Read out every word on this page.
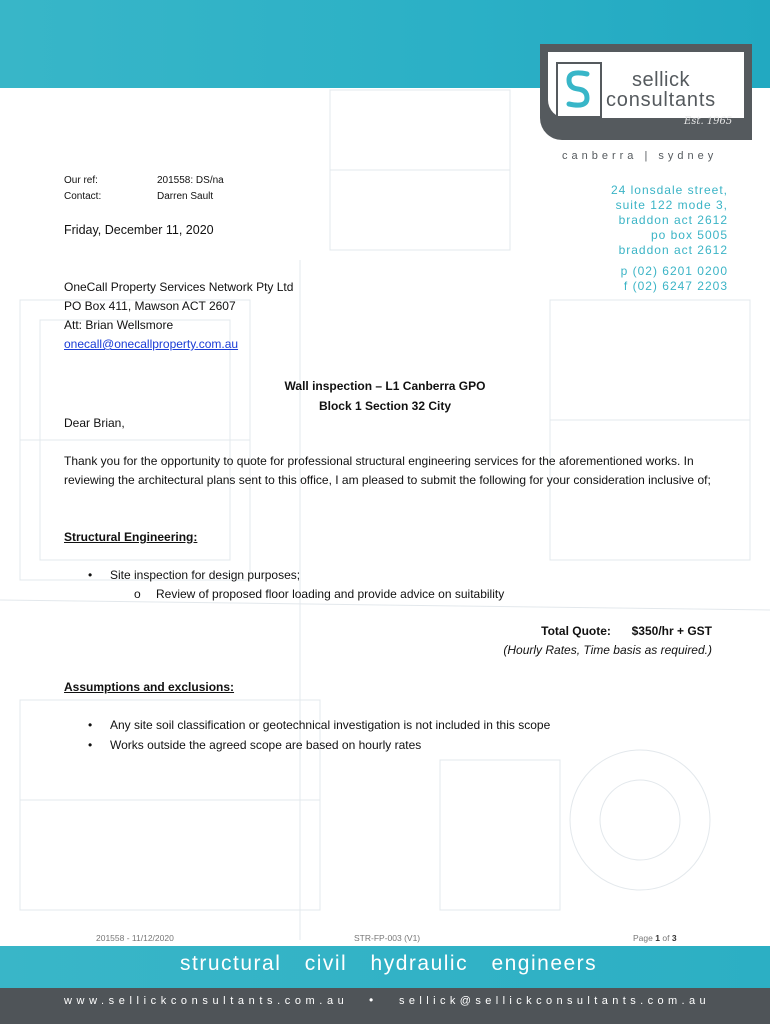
sellick
consultants
Est. 1965
canberra | sydney
24 lonsdale street,
suite 122 mode 3,
braddon act 2612
po box 5005
braddon act 2612
p (02) 6201 0200
f (02) 6247 2203
Our ref:	201558: DS/na
Contact:	Darren Sault
Friday, December 11, 2020
OneCall Property Services Network Pty Ltd
PO Box 411, Mawson ACT 2607
Att: Brian Wellsmore
onecall@onecallproperty.com.au
Wall inspection – L1 Canberra GPO
Block 1 Section 32 City
Dear Brian,
Thank you for the opportunity to quote for professional structural engineering services for the aforementioned works. In reviewing the architectural plans sent to this office, I am pleased to submit the following for your consideration inclusive of;
Structural Engineering:
• Site inspection for design purposes;
o Review of proposed floor loading and provide advice on suitability
Total Quote: $350/hr + GST
(Hourly Rates, Time basis as required.)
Assumptions and exclusions:
• Any site soil classification or geotechnical investigation is not included in this scope
• Works outside the agreed scope are based on hourly rates
201558 - 11/12/2020	STR-FP-003 (V1)	Page 1 of 3
structural civil hydraulic engineers
www.sellickconsultants.com.au • sellick@sellickconsultants.com.au
